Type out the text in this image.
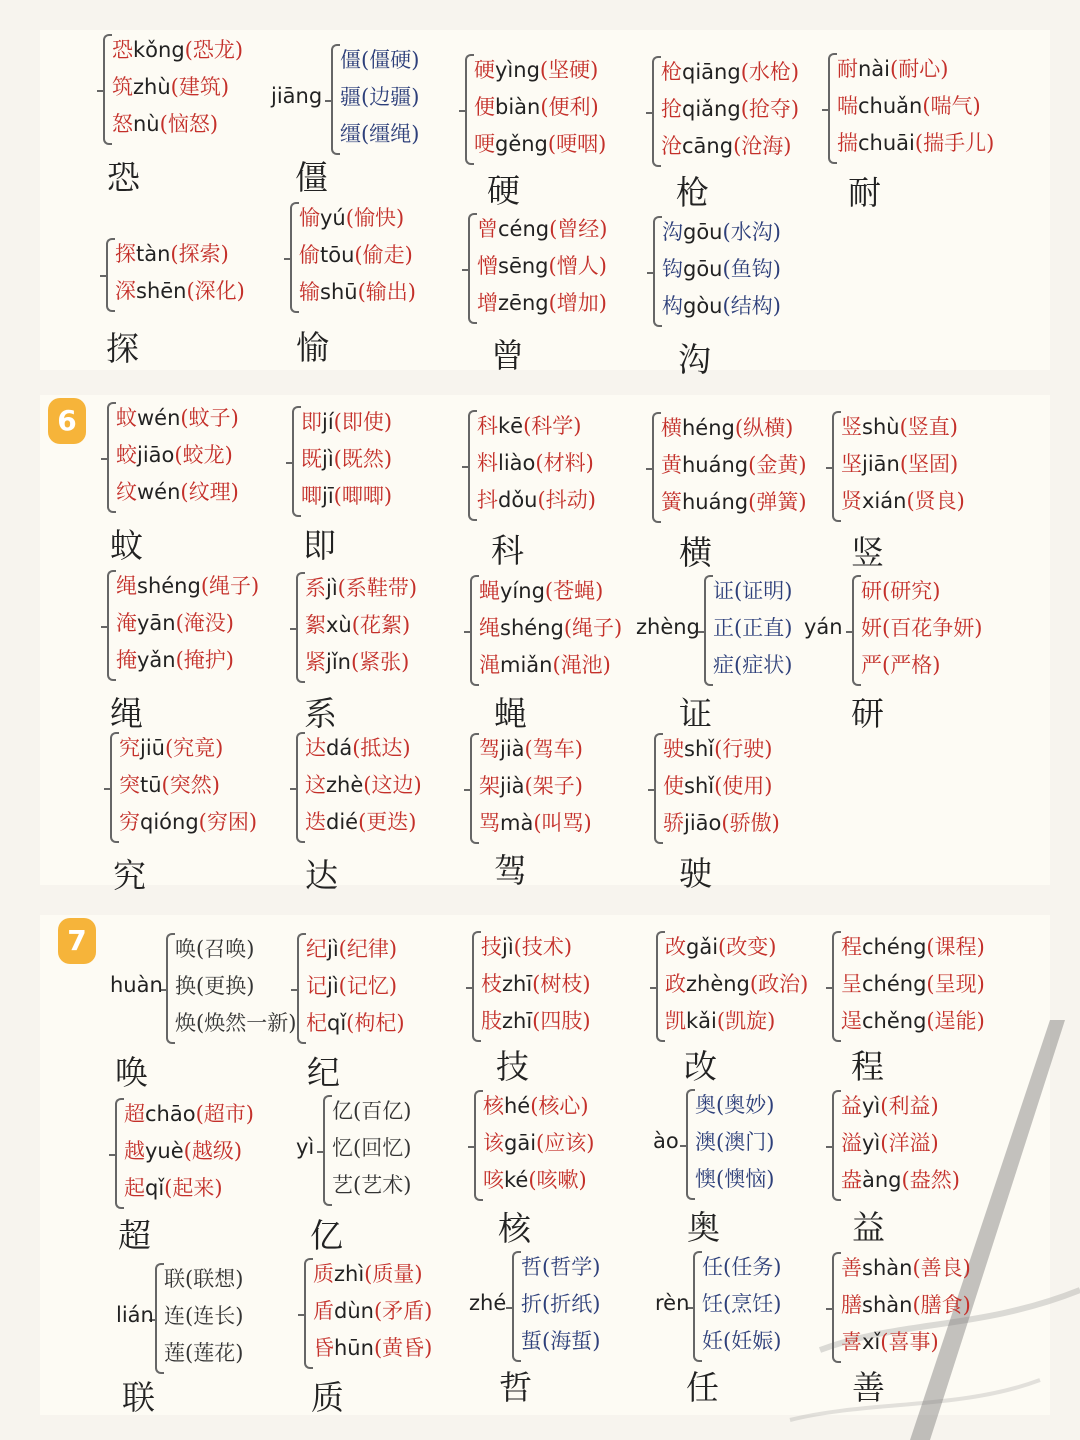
6
7
恐kǒng(恐龙)
筑zhù(建筑)
怒nù(恼怒)
恐
僵(僵硬)
疆(边疆)
缰(缰绳)
jiāng
僵
硬yìng(坚硬)
便biàn(便利)
哽gěng(哽咽)
硬
枪qiāng(水枪)
抢qiǎng(抢夺)
沧cāng(沧海)
枪
耐nài(耐心)
喘chuǎn(喘气)
揣chuāi(揣手儿)
耐
探tàn(探索)
深shēn(深化)
探
愉yú(愉快)
偷tōu(偷走)
输shū(输出)
愉
曾céng(曾经)
憎sēng(憎人)
增zēng(增加)
曾
沟gōu(水沟)
钩gōu(鱼钩)
构gòu(结构)
沟
蚊wén(蚊子)
蛟jiāo(蛟龙)
纹wén(纹理)
蚊
即jí(即使)
既jì(既然)
唧jī(唧唧)
即
科kē(科学)
料liào(材料)
抖dǒu(抖动)
科
横héng(纵横)
黄huáng(金黄)
簧huáng(弹簧)
横
竖shù(竖直)
坚jiān(坚固)
贤xián(贤良)
竖
绳shéng(绳子)
淹yān(淹没)
掩yǎn(掩护)
绳
系jì(系鞋带)
絮xù(花絮)
紧jǐn(紧张)
系
蝇yíng(苍蝇)
绳shéng(绳子)
渑miǎn(渑池)
蝇
证(证明)
正(正直)
症(症状)
zhèng
证
研(研究)
妍(百花争妍)
严(严格)
yán
研
究jiū(究竟)
突tū(突然)
穷qióng(穷困)
究
达dá(抵达)
这zhè(这边)
迭dié(更迭)
达
驾jià(驾车)
架jià(架子)
骂mà(叫骂)
驾
驶shǐ(行驶)
使shǐ(使用)
骄jiāo(骄傲)
驶
唤(召唤)
换(更换)
焕(焕然一新)
huàn
唤
纪jì(纪律)
记jì(记忆)
杞qǐ(枸杞)
纪
技jì(技术)
枝zhī(树枝)
肢zhī(四肢)
技
改gǎi(改变)
政zhèng(政治)
凯kǎi(凯旋)
改
程chéng(课程)
呈chéng(呈现)
逞chěng(逞能)
程
超chāo(超市)
越yuè(越级)
起qǐ(起来)
超
亿(百亿)
忆(回忆)
艺(艺术)
yì
亿
核hé(核心)
该gāi(应该)
咳ké(咳嗽)
核
奥(奥妙)
澳(澳门)
懊(懊恼)
ào
奥
益yì(利益)
溢yì(洋溢)
盎àng(盎然)
益
联(联想)
连(连长)
莲(莲花)
lián
联
质zhì(质量)
盾dùn(矛盾)
昏hūn(黄昏)
质
哲(哲学)
折(折纸)
蜇(海蜇)
zhé
哲
任(任务)
饪(烹饪)
妊(妊娠)
rèn
任
善shàn(善良)
膳shàn(膳食)
喜xǐ(喜事)
善
